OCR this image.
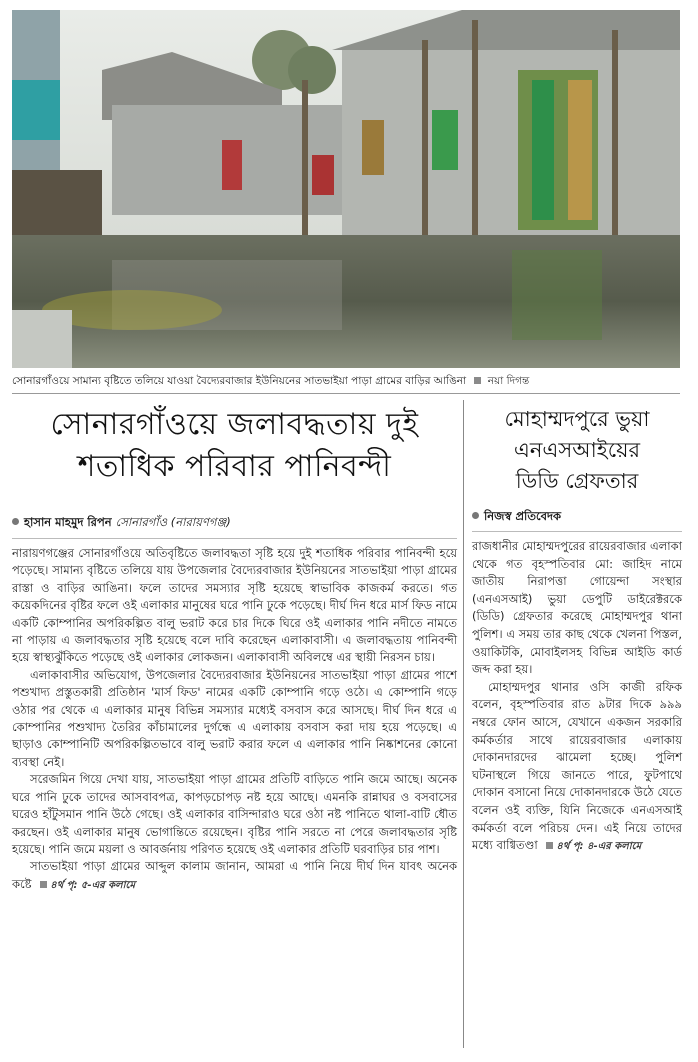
সোনারগাঁওয়ে সামান্য বৃষ্টিতে তলিয়ে যাওয়া বৈদ্যেরবাজার ইউনিয়নের সাতভাইয়া পাড়া গ্রামের বাড়ির আঙিনা নয়া দিগন্ত
সোনারগাঁওয়ে জলাবদ্ধতায় দুই
শতাধিক পরিবার পানিবন্দী
হাসান মাহমুদ রিপন সোনারগাঁও (নারায়ণগঞ্জ)

নারায়ণগঞ্জের সোনারগাঁওয়ে অতিবৃষ্টিতে জলাবদ্ধতা সৃষ্টি হয়ে দুই শতাধিক পরিবার পানিবন্দী হয়ে পড়েছে। সামান্য বৃষ্টিতে তলিয়ে যায় উপজেলার বৈদ্যেরবাজার ইউনিয়নের সাতভাইয়া পাড়া গ্রামের রাস্তা ও বাড়ির আঙিনা। ফলে তাদের সমস্যার সৃষ্টি হয়েছে স্বাভাবিক কাজকর্ম করতে। গত কয়েকদিনের বৃষ্টির ফলে ওই এলাকার মানুষের ঘরে পানি ঢুকে পড়েছে। দীর্ঘ দিন ধরে মার্স ফিড নামে একটি কোম্পানির অপরিকল্পিত বালু ভরাট করে চার দিকে ঘিরে ওই এলাকার পানি নদীতে নামতে না পাড়ায় এ জলাবদ্ধতার সৃষ্টি হয়েছে বলে দাবি করেছেন এলাকাবাসী। এ জলাবদ্ধতায় পানিবন্দী হয়ে স্বাস্থ্যঝুঁকিতে পড়েছে ওই এলাকার লোকজন। এলাকাবাসী অবিলম্বে এর স্থায়ী নিরসন চায়।

এলাকাবাসীর অভিযোগ, উপজেলার বৈদ্যেরবাজার ইউনিয়নের সাতভাইয়া পাড়া গ্রামের পাশে পশুখাদ্য প্রস্তুতকারী প্রতিষ্ঠান 'মার্স ফিড' নামের একটি কোম্পানি গড়ে ওঠে। এ কোম্পানি গড়ে ওঠার পর থেকে এ এলাকার মানুষ বিভিন্ন সমস্যার মধ্যেই বসবাস করে আসছে। দীর্ঘ দিন ধরে এ কোম্পানির পশুখাদ্য তৈরির কাঁচামালের দুর্গন্ধে এ এলাকায় বসবাস করা দায় হয়ে পড়েছে। এ ছাড়াও কোম্পানিটি অপরিকল্পিতভাবে বালু ভরাট করার ফলে এ এলাকার পানি নিষ্কাশনের কোনো ব্যবস্থা নেই।

সরেজমিন গিয়ে দেখা যায়, সাতভাইয়া পাড়া গ্রামের প্রতিটি বাড়িতে পানি জমে আছে। অনেক ঘরে পানি ঢুকে তাদের আসবাবপত্র, কাপড়চোপড় নষ্ট হয়ে আছে। এমনকি রান্নাঘর ও বসবাসের ঘরেও হাঁটুসমান পানি উঠে গেছে। ওই এলাকার বাসিন্দারাও ঘরে ওঠা নষ্ট পানিতে থালা-বাটি ধৌত করছেন। ওই এলাকার মানুষ ভোগান্তিতে রয়েছেন। বৃষ্টির পানি সরতে না পেরে জলাবদ্ধতার সৃষ্টি হয়েছে। পানি জমে ময়লা ও আবর্জনায় পরিণত হয়েছে ওই এলাকার প্রতিটি ঘরবাড়ির চার পাশ।

সাতভাইয়া পাড়া গ্রামের আব্দুল কালাম জানান, আমরা এ পানি নিয়ে দীর্ঘ দিন যাবৎ অনেক কষ্টে ৪র্থ পৃ: ৫-এর কলামে

মোহাম্মদপুরে ভুয়া
এনএসআইয়ের
ডিডি গ্রেফতার
নিজস্ব প্রতিবেদক

রাজধানীর মোহাম্মদপুরের রায়েরবাজার এলাকা থেকে গত বৃহস্পতিবার মো: জাহিদ নামে জাতীয় নিরাপত্তা গোয়েন্দা সংস্থার (এনএসআই) ভুয়া ডেপুটি ডাইরেক্টরকে (ডিডি) গ্রেফতার করেছে মোহাম্মদপুর থানা পুলিশ। এ সময় তার কাছ থেকে খেলনা পিস্তল, ওয়াকিটকি, মোবাইলসহ বিভিন্ন আইডি কার্ড জব্দ করা হয়।

মোহাম্মদপুর থানার ওসি কাজী রফিক বলেন, বৃহস্পতিবার রাত ৯টার দিকে ৯৯৯ নম্বরে ফোন আসে, যেখানে একজন সরকারি কর্মকর্তার সাথে রায়েরবাজার এলাকায় দোকানদারদের ঝামেলা হচ্ছে। পুলিশ ঘটনাস্থলে গিয়ে জানতে পারে, ফুটপাথে দোকান বসানো নিয়ে দোকানদারকে উঠে যেতে বলেন ওই ব্যক্তি, যিনি নিজেকে এনএসআই কর্মকর্তা বলে পরিচয় দেন। এই নিয়ে তাদের মধ্যে বাগ্বিতণ্ডা ৪র্থ পৃ: ৪-এর কলামে
